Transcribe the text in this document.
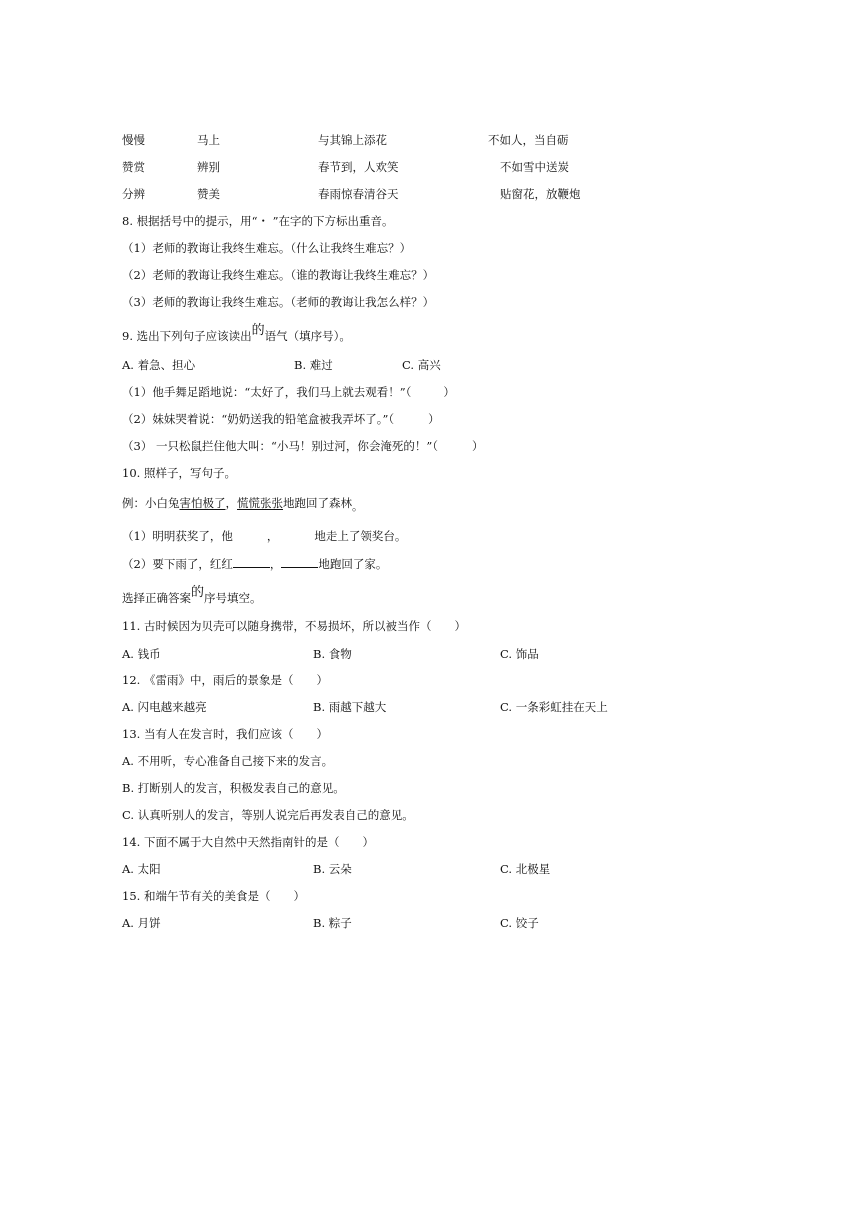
慢慢	马上	与其锦上添花	不如人，当自砺
赞赏	辨别	春节到，人欢笑	不如雪中送炭
分辨	赞美	春雨惊春清谷天	贴窗花，放鞭炮
8. 根据括号中的提示，用“・ ”在字的下方标出重音。
（1）老师的教诲让我终生难忘。（什么让我终生难忘？）
（2）老师的教诲让我终生难忘。（谁的教诲让我终生难忘？）
（3）老师的教诲让我终生难忘。（老师的教诲让我怎么样？）
9. 选出下列句子应该读出的语气（填序号）。
A. 着急、担心	B. 难过	C. 高兴
（1）他手舞足蹈地说：“太好了，我们马上就去观看！”（	）
（2）妹妹哭着说：“奶奶送我的铅笔盒被我弄坏了。”（	）
（3） 一只松鼠拦住他大叫：“小马！别过河，你会淹死的！”（	）
10. 照样子，写句子。
例：小白兔害怕极了，慌慌张张地跑回了森林。
（1）明明获奖了，他	，	地走上了领奖台。
（2）要下雨了，红红	，	地跑回了家。
选择正确答案的序号填空。
11. 古时候因为贝壳可以随身携带，不易损坏，所以被当作（　　）
A. 钱币	B. 食物	C. 饰品
12. 《雷雨》中，雨后的景象是（　　）
A. 闪电越来越亮	B. 雨越下越大	C. 一条彩虹挂在天上
13. 当有人在发言时，我们应该（　　）
A. 不用听，专心准备自己接下来的发言。
B. 打断别人的发言，积极发表自己的意见。
C. 认真听别人的发言，等别人说完后再发表自己的意见。
14. 下面不属于大自然中天然指南针的是（　　）
A. 太阳	B. 云朵	C. 北极星
15. 和端午节有关的美食是（　　）
A. 月饼	B. 粽子	C. 饺子
